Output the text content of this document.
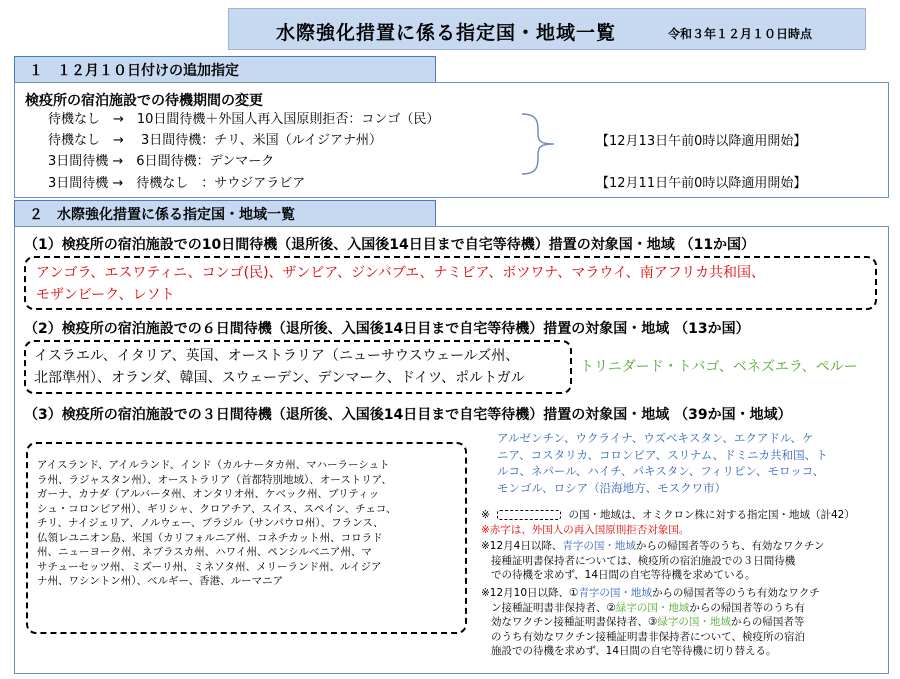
水際強化措置に係る指定国・地域一覧	令和３年１２月１０日時点
１　１２月１０日付けの追加指定
検疫所の宿泊施設での待機期間の変更
待機なし　→　10日間待機＋外国人再入国原則拒否：コンゴ（民）
待機なし　→　 3日間待機：チリ、米国（ルイジアナ州）
3日間待機 →　6日間待機：デンマーク
3日間待機 →　待機なし　：サウジアラビア
【12月13日午前0時以降適用開始】
【12月11日午前0時以降適用開始】
２　水際強化措置に係る指定国・地域一覧
（1）検疫所の宿泊施設での10日間待機（退所後、入国後14日目まで自宅等待機）措置の対象国・地域 （11か国）
アンゴラ、エスワティニ、コンゴ(民)、ザンビア、ジンバブエ、ナミビア、ボツワナ、マラウイ、南アフリカ共和国、
モザンビーク、レソト
（2）検疫所の宿泊施設での６日間待機（退所後、入国後14日目まで自宅等待機）措置の対象国・地域 （13か国）
イスラエル、イタリア、英国、オーストラリア（ニューサウスウェールズ州、
北部準州）、オランダ、韓国、スウェーデン、デンマーク、ドイツ、ポルトガル
トリニダード・トバゴ、ベネズエラ、ペルー
（3）検疫所の宿泊施設での３日間待機（退所後、入国後14日目まで自宅等待機）措置の対象国・地域 （39か国・地域）
アイスランド、アイルランド、インド（カルナータカ州、マハーラーシュト
ラ州、ラジャスタン州）、オーストラリア（首都特別地域）、オーストリア、
ガーナ、カナダ（アルバータ州、オンタリオ州、ケベック州、ブリティッ
シュ・コロンビア州）、ギリシャ、クロアチア、スイス、スペイン、チェコ、
チリ、ナイジェリア、ノルウェー、ブラジル（サンパウロ州）、フランス、
仏領レユニオン島、米国（カリフォルニア州、コネチカット州、コロラド
州、ニューヨーク州、ネブラスカ州、ハワイ州、ペンシルベニア州、マ
サチューセッツ州、ミズーリ州、ミネソタ州、メリーランド州、ルイジア
ナ州、ワシントン州）、ベルギー、香港、ルーマニア
アルゼンチン、ウクライナ、ウズベキスタン、エクアドル、ケ
ニア、コスタリカ、コロンビア、スリナム、ドミニカ共和国、ト
ルコ、ネパール、ハイチ、パキスタン、フィリピン、モロッコ、
モンゴル、ロシア（沿海地方、モスクワ市）
※	の国・地域は、オミクロン株に対する指定国・地域（計42）
※赤字は、外国人の再入国原則拒否対象国。
※12月4日以降、青字の国・地域からの帰国者等のうち、有効なワクチン
接種証明書保持者については、検疫所の宿泊施設での３日間待機
での待機を求めず、14日間の自宅等待機を求めている。
※12月10日以降、①青字の国・地域からの帰国者等のうち有効なワクチ
ン接種証明書非保持者、②緑字の国・地域からの帰国者等のうち有
効なワクチン接種証明書保持者、③緑字の国・地域からの帰国者等
のうち有効なワクチン接種証明書非保持者について、検疫所の宿泊
施設での待機を求めず、14日間の自宅等待機に切り替える。
